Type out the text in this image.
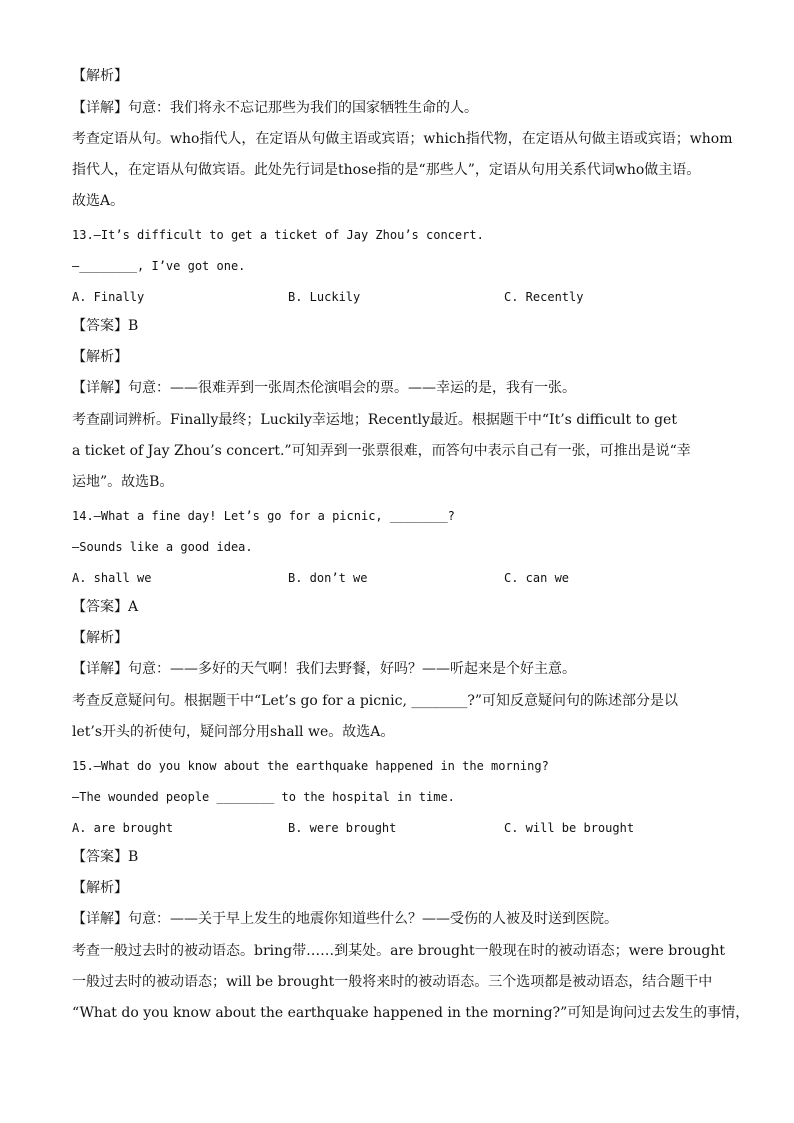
【解析】
【详解】句意：我们将永不忘记那些为我们的国家牺牲生命的人。
考查定语从句。who指代人，在定语从句做主语或宾语；which指代物，在定语从句做主语或宾语；whom
指代人，在定语从句做宾语。此处先行词是those指的是“那些人”，定语从句用关系代词who做主语。
故选A。
13.—It’s difficult to get a ticket of Jay Zhou’s concert.
—________, I’ve got one.
A. Finally	B. Luckily	C. Recently
【答案】B
【解析】
【详解】句意：——很难弄到一张周杰伦演唱会的票。——幸运的是，我有一张。
考查副词辨析。Finally最终；Luckily幸运地；Recently最近。根据题干中“It’s difficult to get
a ticket of Jay Zhou’s concert.”可知弄到一张票很难，而答句中表示自己有一张，可推出是说“幸
运地”。故选B。
14.—What a fine day! Let’s go for a picnic, ________?
—Sounds like a good idea.
A. shall we	B. don’t we	C. can we
【答案】A
【解析】
【详解】句意：——多好的天气啊！我们去野餐，好吗？——听起来是个好主意。
考查反意疑问句。根据题干中“Let’s go for a picnic, ________?”可知反意疑问句的陈述部分是以
let’s开头的祈使句，疑问部分用shall we。故选A。
15.—What do you know about the earthquake happened in the morning?
—The wounded people ________ to the hospital in time.
A. are brought	B. were brought	C. will be brought
【答案】B
【解析】
【详解】句意：——关于早上发生的地震你知道些什么？——受伤的人被及时送到医院。
考查一般过去时的被动语态。bring带……到某处。are brought一般现在时的被动语态；were brought
一般过去时的被动语态；will be brought一般将来时的被动语态。三个选项都是被动语态，结合题干中
“What do you know about the earthquake happened in the morning?”可知是询问过去发生的事情，
